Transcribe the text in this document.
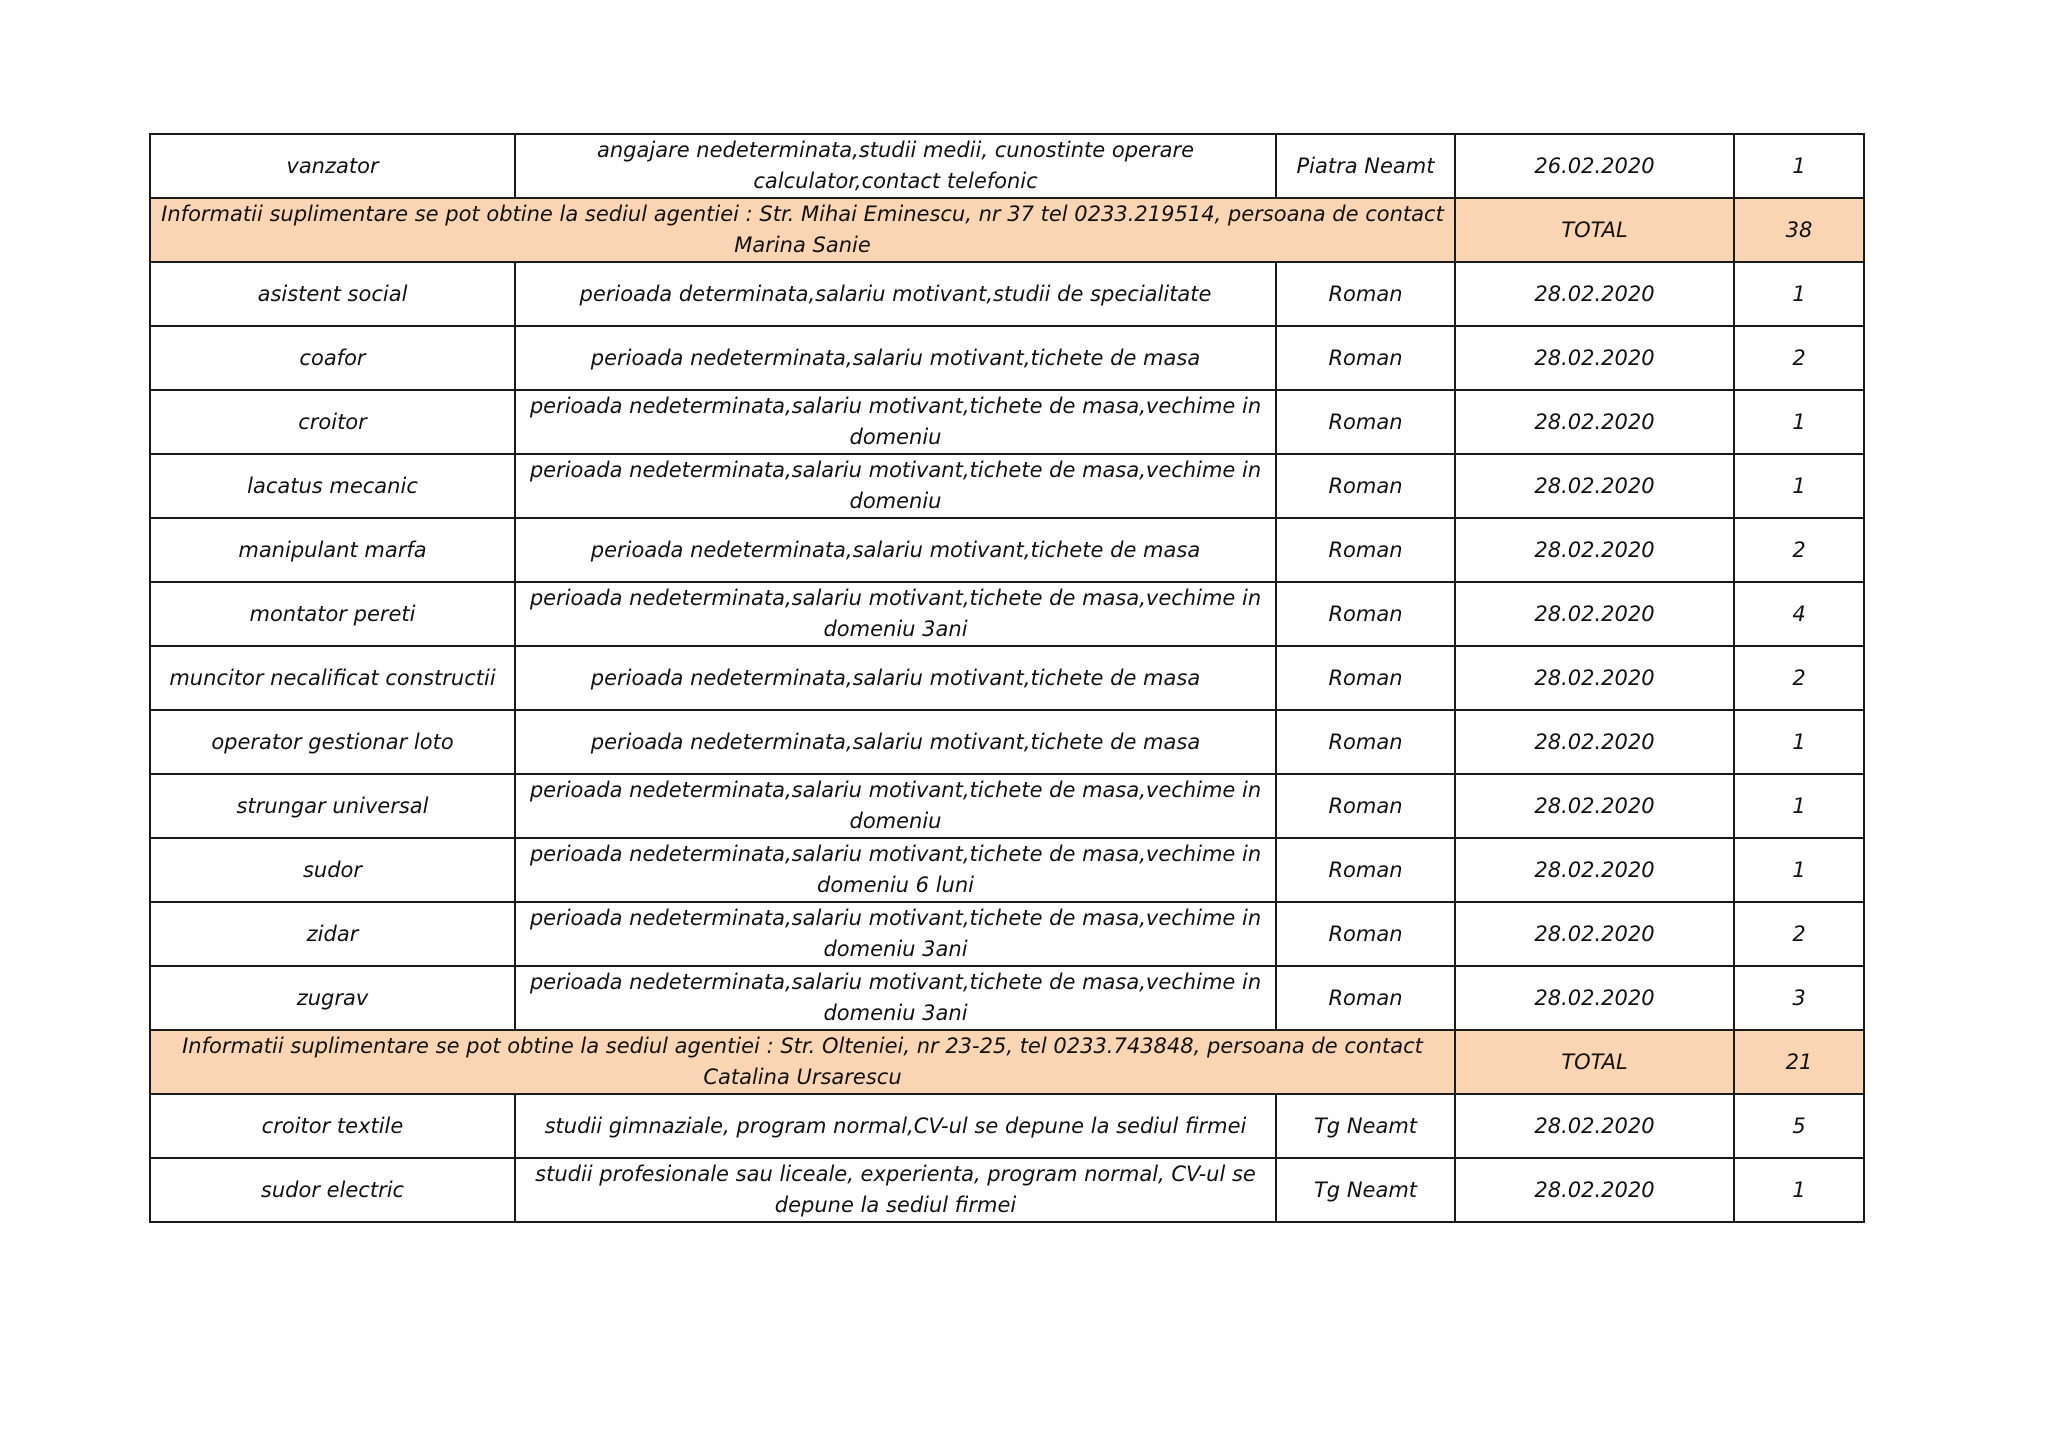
vanzator	angajare nedeterminata,studii medii, cunostinte operare calculator,contact telefonic	Piatra Neamt	26.02.2020	1
Informatii suplimentare se pot obtine la sediul agentiei : Str. Mihai Eminescu, nr 37 tel 0233.219514, persoana de contact Marina Sanie			TOTAL	38
asistent social	perioada determinata,salariu motivant,studii de specialitate	Roman	28.02.2020	1
coafor	perioada nedeterminata,salariu motivant,tichete de masa	Roman	28.02.2020	2
croitor	perioada nedeterminata,salariu motivant,tichete de masa,vechime in domeniu	Roman	28.02.2020	1
lacatus mecanic	perioada nedeterminata,salariu motivant,tichete de masa,vechime in domeniu	Roman	28.02.2020	1
manipulant marfa	perioada nedeterminata,salariu motivant,tichete de masa	Roman	28.02.2020	2
montator pereti	perioada nedeterminata,salariu motivant,tichete de masa,vechime in domeniu 3ani	Roman	28.02.2020	4
muncitor necalificat constructii	perioada nedeterminata,salariu motivant,tichete de masa	Roman	28.02.2020	2
operator gestionar loto	perioada nedeterminata,salariu motivant,tichete de masa	Roman	28.02.2020	1
strungar universal	perioada nedeterminata,salariu motivant,tichete de masa,vechime in domeniu	Roman	28.02.2020	1
sudor	perioada nedeterminata,salariu motivant,tichete de masa,vechime in domeniu 6 luni	Roman	28.02.2020	1
zidar	perioada nedeterminata,salariu motivant,tichete de masa,vechime in domeniu 3ani	Roman	28.02.2020	2
zugrav	perioada nedeterminata,salariu motivant,tichete de masa,vechime in domeniu 3ani	Roman	28.02.2020	3
Informatii suplimentare se pot obtine la sediul agentiei : Str. Olteniei, nr 23-25, tel 0233.743848, persoana de contact Catalina Ursarescu			TOTAL	21
croitor textile	studii gimnaziale, program normal,CV-ul se depune la sediul firmei	Tg Neamt	28.02.2020	5
sudor electric	studii profesionale sau liceale, experienta, program normal, CV-ul se depune la sediul firmei	Tg Neamt	28.02.2020	1
